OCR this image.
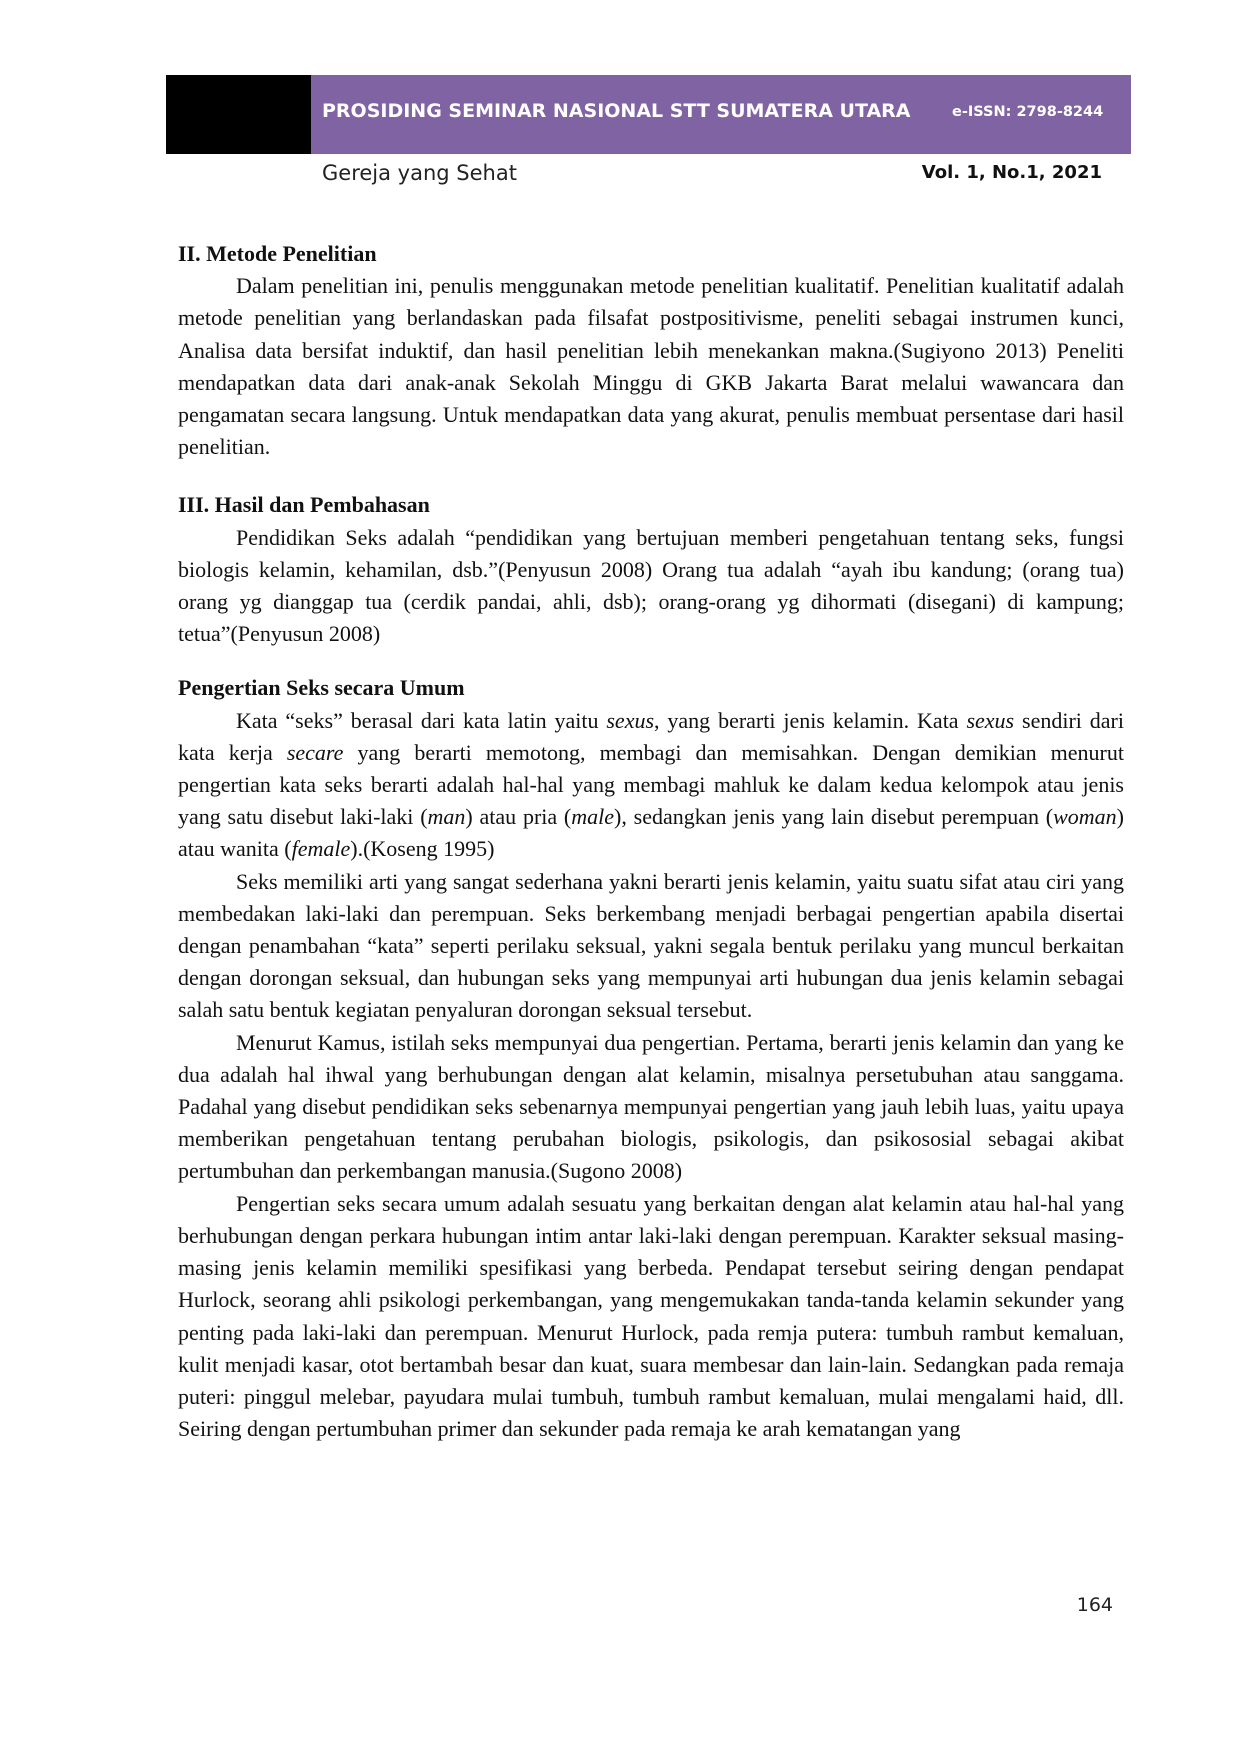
PROSIDING SEMINAR NASIONAL STT SUMATERA UTARA	e-ISSN: 2798-8244
Gereja yang Sehat	Vol. 1, No.1, 2021
II. Metode Penelitian

Dalam penelitian ini, penulis menggunakan metode penelitian kualitatif. Penelitian kualitatif adalah metode penelitian yang berlandaskan pada filsafat postpositivisme, peneliti sebagai instrumen kunci, Analisa data bersifat induktif, dan hasil penelitian lebih menekankan makna.(Sugiyono 2013) Peneliti mendapatkan data dari anak-anak Sekolah Minggu di GKB Jakarta Barat melalui wawancara dan pengamatan secara langsung. Untuk mendapatkan data yang akurat, penulis membuat persentase dari hasil penelitian.

III. Hasil dan Pembahasan

Pendidikan Seks adalah “pendidikan yang bertujuan memberi pengetahuan tentang seks, fungsi biologis kelamin, kehamilan, dsb.”(Penyusun 2008) Orang tua adalah “ayah ibu kandung; (orang tua) orang yg dianggap tua (cerdik pandai, ahli, dsb); orang-orang yg dihormati (disegani) di kampung; tetua”(Penyusun 2008)

Pengertian Seks secara Umum

Kata “seks” berasal dari kata latin yaitu sexus, yang berarti jenis kelamin. Kata sexus sendiri dari kata kerja secare yang berarti memotong, membagi dan memisahkan. Dengan demikian menurut pengertian kata seks berarti adalah hal-hal yang membagi mahluk ke dalam kedua kelompok atau jenis yang satu disebut laki-laki (man) atau pria (male), sedangkan jenis yang lain disebut perempuan (woman) atau wanita (female).(Koseng 1995)

Seks memiliki arti yang sangat sederhana yakni berarti jenis kelamin, yaitu suatu sifat atau ciri yang membedakan laki-laki dan perempuan. Seks berkembang menjadi berbagai pengertian apabila disertai dengan penambahan “kata” seperti perilaku seksual, yakni segala bentuk perilaku yang muncul berkaitan dengan dorongan seksual, dan hubungan seks yang mempunyai arti hubungan dua jenis kelamin sebagai salah satu bentuk kegiatan penyaluran dorongan seksual tersebut.

Menurut Kamus, istilah seks mempunyai dua pengertian. Pertama, berarti jenis kelamin dan yang ke dua adalah hal ihwal yang berhubungan dengan alat kelamin, misalnya persetubuhan atau sanggama. Padahal yang disebut pendidikan seks sebenarnya mempunyai pengertian yang jauh lebih luas, yaitu upaya memberikan pengetahuan tentang perubahan biologis, psikologis, dan psikososial sebagai akibat pertumbuhan dan perkembangan manusia.(Sugono 2008)

Pengertian seks secara umum adalah sesuatu yang berkaitan dengan alat kelamin atau hal-hal yang berhubungan dengan perkara hubungan intim antar laki-laki dengan perempuan. Karakter seksual masing-masing jenis kelamin memiliki spesifikasi yang berbeda. Pendapat tersebut seiring dengan pendapat Hurlock, seorang ahli psikologi perkembangan, yang mengemukakan tanda-tanda kelamin sekunder yang penting pada laki-laki dan perempuan. Menurut Hurlock, pada remja putera: tumbuh rambut kemaluan, kulit menjadi kasar, otot bertambah besar dan kuat, suara membesar dan lain-lain. Sedangkan pada remaja puteri: pinggul melebar, payudara mulai tumbuh, tumbuh rambut kemaluan, mulai mengalami haid, dll. Seiring dengan pertumbuhan primer dan sekunder pada remaja ke arah kematangan yang

164
